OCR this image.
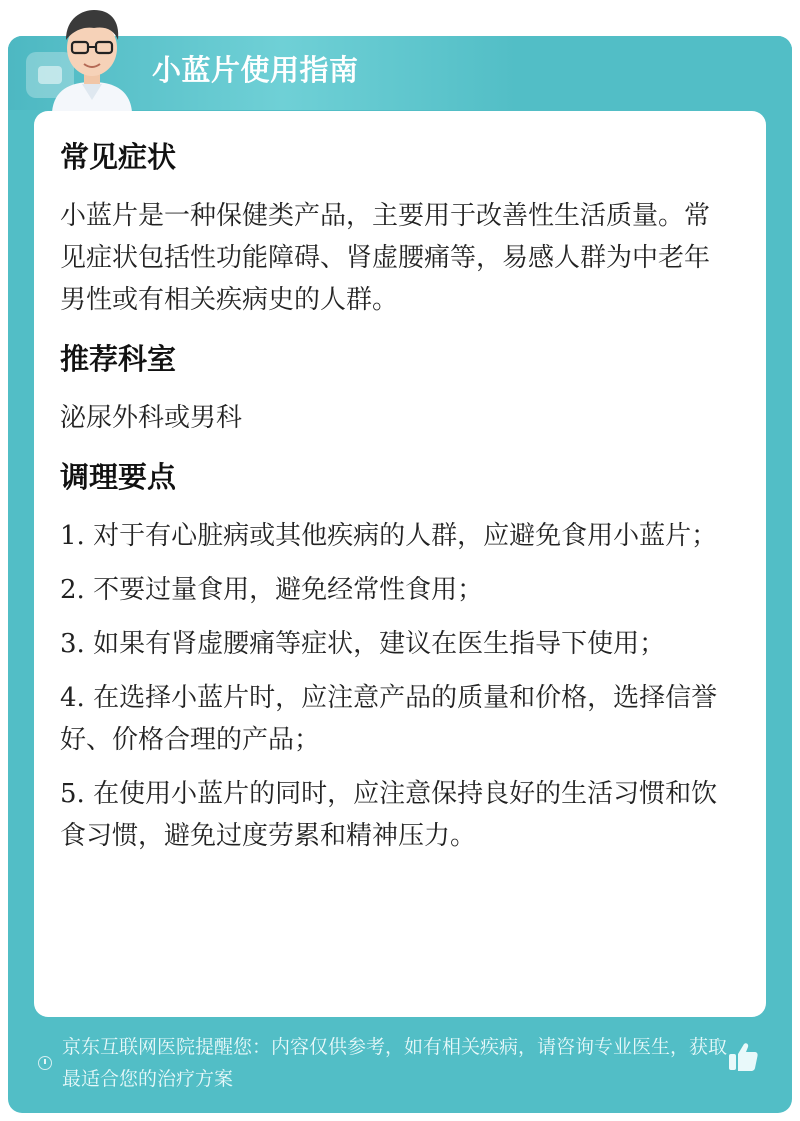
小蓝片使用指南
常见症状

小蓝片是一种保健类产品，主要用于改善性生活质量。常见症状包括性功能障碍、肾虚腰痛等，易感人群为中老年男性或有相关疾病史的人群。

推荐科室

泌尿外科或男科

调理要点

1. 对于有心脏病或其他疾病的人群，应避免食用小蓝片；

2. 不要过量食用，避免经常性食用；

3. 如果有肾虚腰痛等症状，建议在医生指导下使用；

4. 在选择小蓝片时，应注意产品的质量和价格，选择信誉好、价格合理的产品；

5. 在使用小蓝片的同时，应注意保持良好的生活习惯和饮食习惯，避免过度劳累和精神压力。

京东互联网医院提醒您：内容仅供参考，如有相关疾病，请咨询专业医生，获取最适合您的治疗方案
